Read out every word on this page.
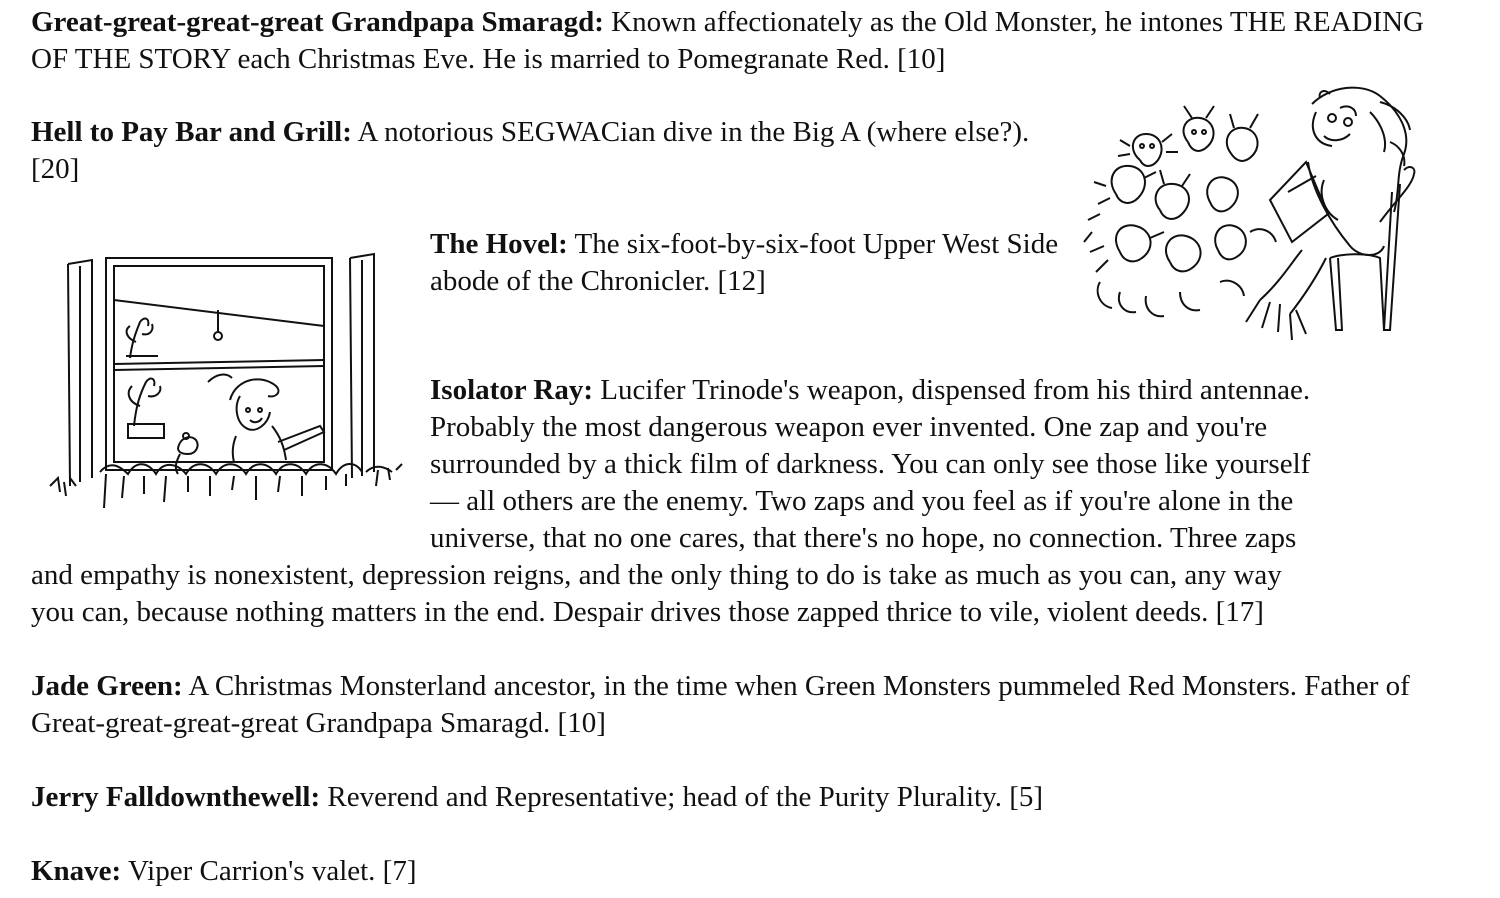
Great-great-great-great Grandpapa Smaragd: Known affectionately as the Old Monster, he intones THE READING OF THE STORY each Christmas Eve. He is married to Pomegranate Red. [10]

Hell to Pay Bar and Grill: A notorious SEGWACian dive in the Big A (where else?). [20]

The Hovel: The six-foot-by-six-foot Upper West Side abode of the Chronicler. [12]

Isolator Ray: Lucifer Trinode's weapon, dispensed from his third antennae.
Probably the most dangerous weapon ever invented. One zap and you're
surrounded by a thick film of darkness. You can only see those like yourself
— all others are the enemy. Two zaps and you feel as if you're alone in the
universe, that no one cares, that there's no hope, no connection. Three zaps
and empathy is nonexistent, depression reigns, and the only thing to do is take as much as you can, any way
you can, because nothing matters in the end. Despair drives those zapped thrice to vile, violent deeds. [17]

Jade Green: A Christmas Monsterland ancestor, in the time when Green Monsters pummeled Red Monsters. Father of Great-great-great-great Grandpapa Smaragd. [10]

Jerry Falldownthewell: Reverend and Representative; head of the Purity Plurality. [5]

Knave: Viper Carrion's valet. [7]
